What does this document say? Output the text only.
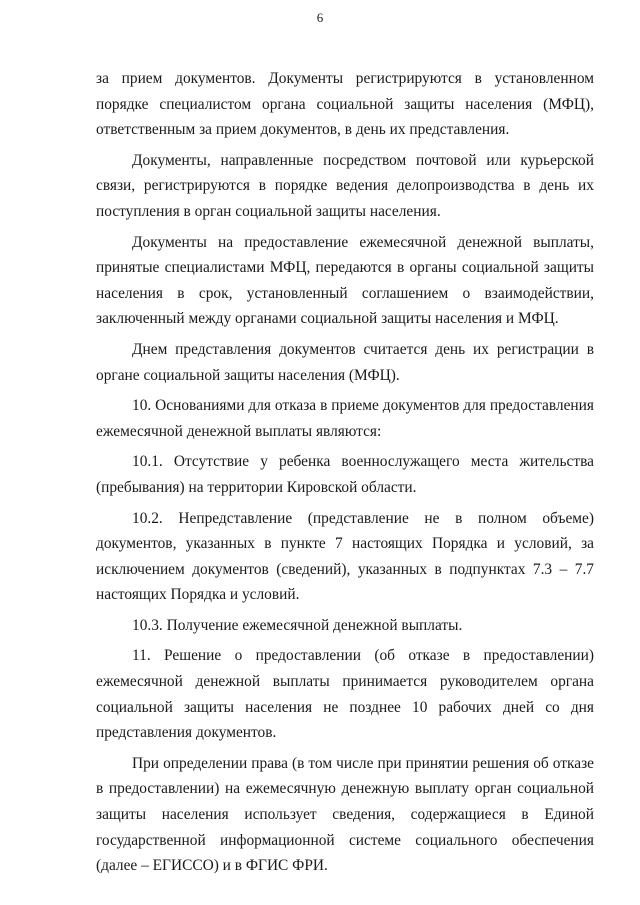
6

за прием документов. Документы регистрируются в установленном порядке специалистом органа социальной защиты населения (МФЦ), ответственным за прием документов, в день их представления.

Документы, направленные посредством почтовой или курьерской связи, регистрируются в порядке ведения делопроизводства в день их поступления в орган социальной защиты населения.

Документы на предоставление ежемесячной денежной выплаты, принятые специалистами МФЦ, передаются в органы социальной защиты населения в срок, установленный соглашением о взаимодействии, заключенный между органами социальной защиты населения и МФЦ.

Днем представления документов считается день их регистрации в органе социальной защиты населения (МФЦ).

10. Основаниями для отказа в приеме документов для предоставления ежемесячной денежной выплаты являются:

10.1. Отсутствие у ребенка военнослужащего места жительства (пребывания) на территории Кировской области.

10.2. Непредставление (представление не в полном объеме) документов, указанных в пункте 7 настоящих Порядка и условий, за исключением документов (сведений), указанных в подпунктах 7.3 – 7.7 настоящих Порядка и условий.

10.3. Получение ежемесячной денежной выплаты.

11. Решение о предоставлении (об отказе в предоставлении) ежемесячной денежной выплаты принимается руководителем органа социальной защиты населения не позднее 10 рабочих дней со дня представления документов.

При определении права (в том числе при принятии решения об отказе в предоставлении) на ежемесячную денежную выплату орган социальной защиты населения использует сведения, содержащиеся в Единой государственной информационной системе социального обеспечения (далее – ЕГИССО) и в ФГИС ФРИ.
